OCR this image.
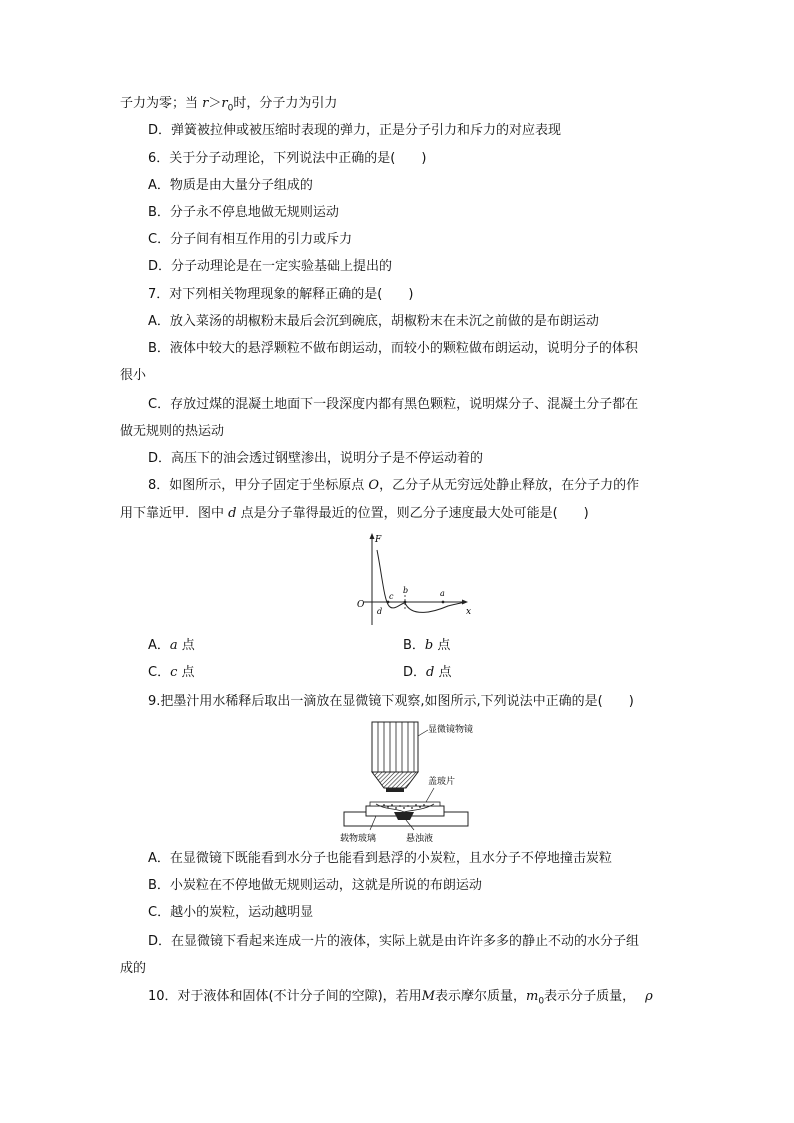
子力为零；当 $r>r_0$时，分子力为引力
D．弹簧被拉伸或被压缩时表现的弹力，正是分子引力和斥力的对应表现
6．关于分子动理论，下列说法中正确的是(　　)
A．物质是由大量分子组成的
B．分子永不停息地做无规则运动
C．分子间有相互作用的引力或斥力
D．分子动理论是在一定实验基础上提出的
7．对下列相关物理现象的解释正确的是(　　)
A．放入菜汤的胡椒粉末最后会沉到碗底，胡椒粉末在未沉之前做的是布朗运动
B．液体中较大的悬浮颗粒不做布朗运动，而较小的颗粒做布朗运动，说明分子的体积
很小
C．存放过煤的混凝土地面下一段深度内都有黑色颗粒，说明煤分子、混凝土分子都在
做无规则的热运动
D．高压下的油会透过钢壁渗出，说明分子是不停运动着的
8．如图所示，甲分子固定于坐标原点 O，乙分子从无穷远处静止释放，在分子力的作
用下靠近甲．图中 d 点是分子靠得最近的位置，则乙分子速度最大处可能是(　　)
F
x
O
c
d
b	a
A．a 点	B．b 点
C．c 点	D．d 点
9.把墨汁用水稀释后取出一滴放在显微镜下观察,如图所示,下列说法中正确的是(　　)
显微镜物镜
盖玻片
载物玻璃	悬浊液
A．在显微镜下既能看到水分子也能看到悬浮的小炭粒，且水分子不停地撞击炭粒
B．小炭粒在不停地做无规则运动，这就是所说的布朗运动
C．越小的炭粒，运动越明显
D．在显微镜下看起来连成一片的液体，实际上就是由许许多多的静止不动的水分子组
成的
10．对于液体和固体(不计分子间的空隙)，若用M表示摩尔质量，$m_0$表示分子质量， ρ
